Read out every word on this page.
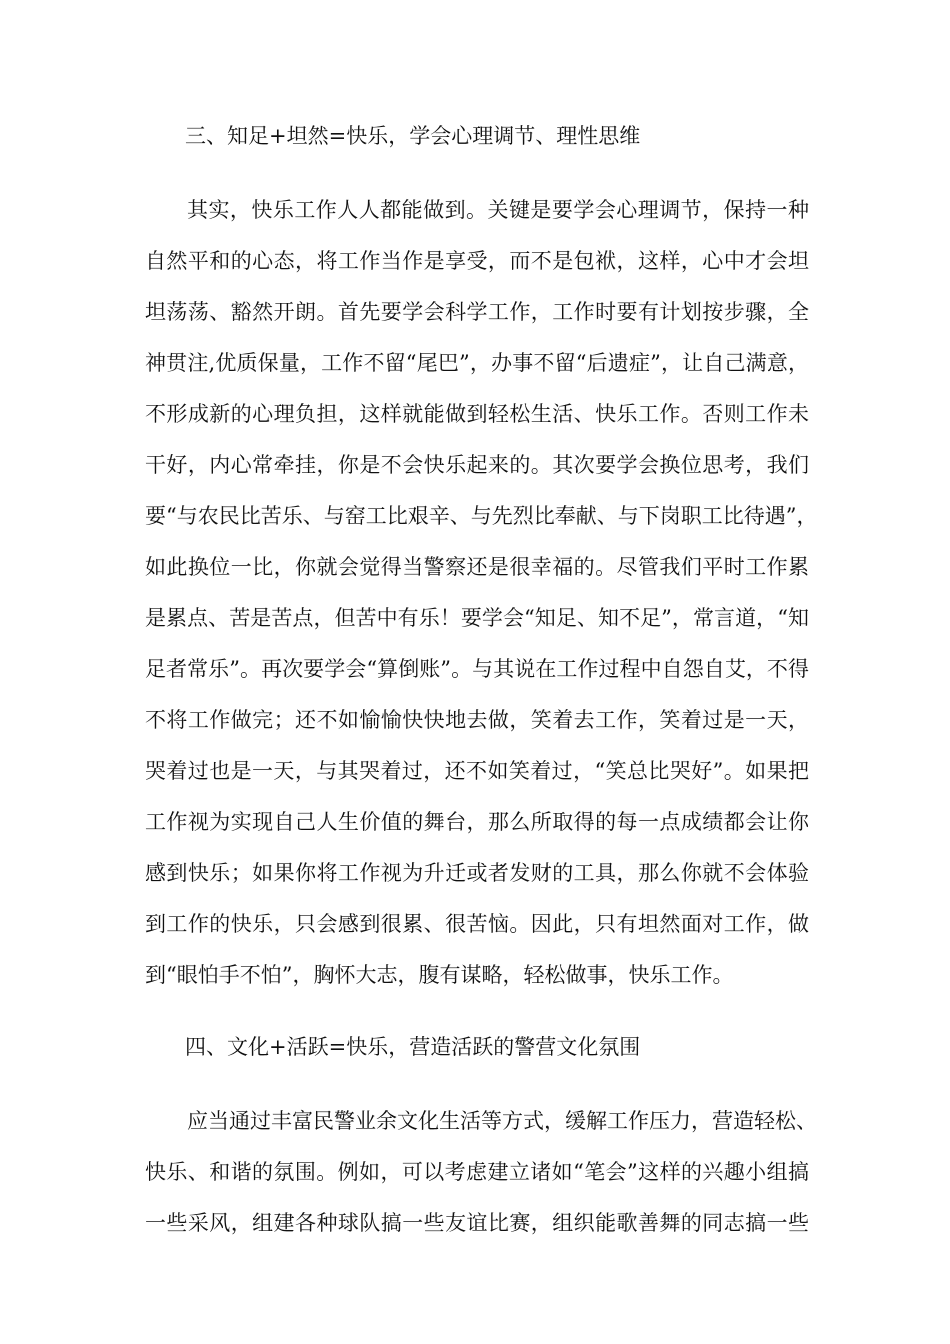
三、知足+坦然=快乐，学会心理调节、理性思维
其实，快乐工作人人都能做到。关键是要学会心理调节，保持一种
自然平和的心态，将工作当作是享受，而不是包袱，这样，心中才会坦
坦荡荡、豁然开朗。首先要学会科学工作，工作时要有计划按步骤，全
神贯注,优质保量，工作不留“尾巴”，办事不留“后遗症”，让自己满意，
不形成新的心理负担，这样就能做到轻松生活、快乐工作。否则工作未
干好，内心常牵挂，你是不会快乐起来的。其次要学会换位思考，我们
要“与农民比苦乐、与窑工比艰辛、与先烈比奉献、与下岗职工比待遇”，
如此换位一比，你就会觉得当警察还是很幸福的。尽管我们平时工作累
是累点、苦是苦点，但苦中有乐！要学会“知足、知不足”，常言道，“知
足者常乐”。再次要学会“算倒账”。与其说在工作过程中自怨自艾，不得
不将工作做完；还不如愉愉快快地去做，笑着去工作，笑着过是一天，
哭着过也是一天，与其哭着过，还不如笑着过，“笑总比哭好”。如果把
工作视为实现自己人生价值的舞台，那么所取得的每一点成绩都会让你
感到快乐；如果你将工作视为升迁或者发财的工具，那么你就不会体验
到工作的快乐，只会感到很累、很苦恼。因此，只有坦然面对工作，做
到“眼怕手不怕”，胸怀大志，腹有谋略，轻松做事，快乐工作。
四、文化+活跃=快乐，营造活跃的警营文化氛围
应当通过丰富民警业余文化生活等方式，缓解工作压力，营造轻松、
快乐、和谐的氛围。例如，可以考虑建立诸如“笔会”这样的兴趣小组搞
一些采风，组建各种球队搞一些友谊比赛，组织能歌善舞的同志搞一些
